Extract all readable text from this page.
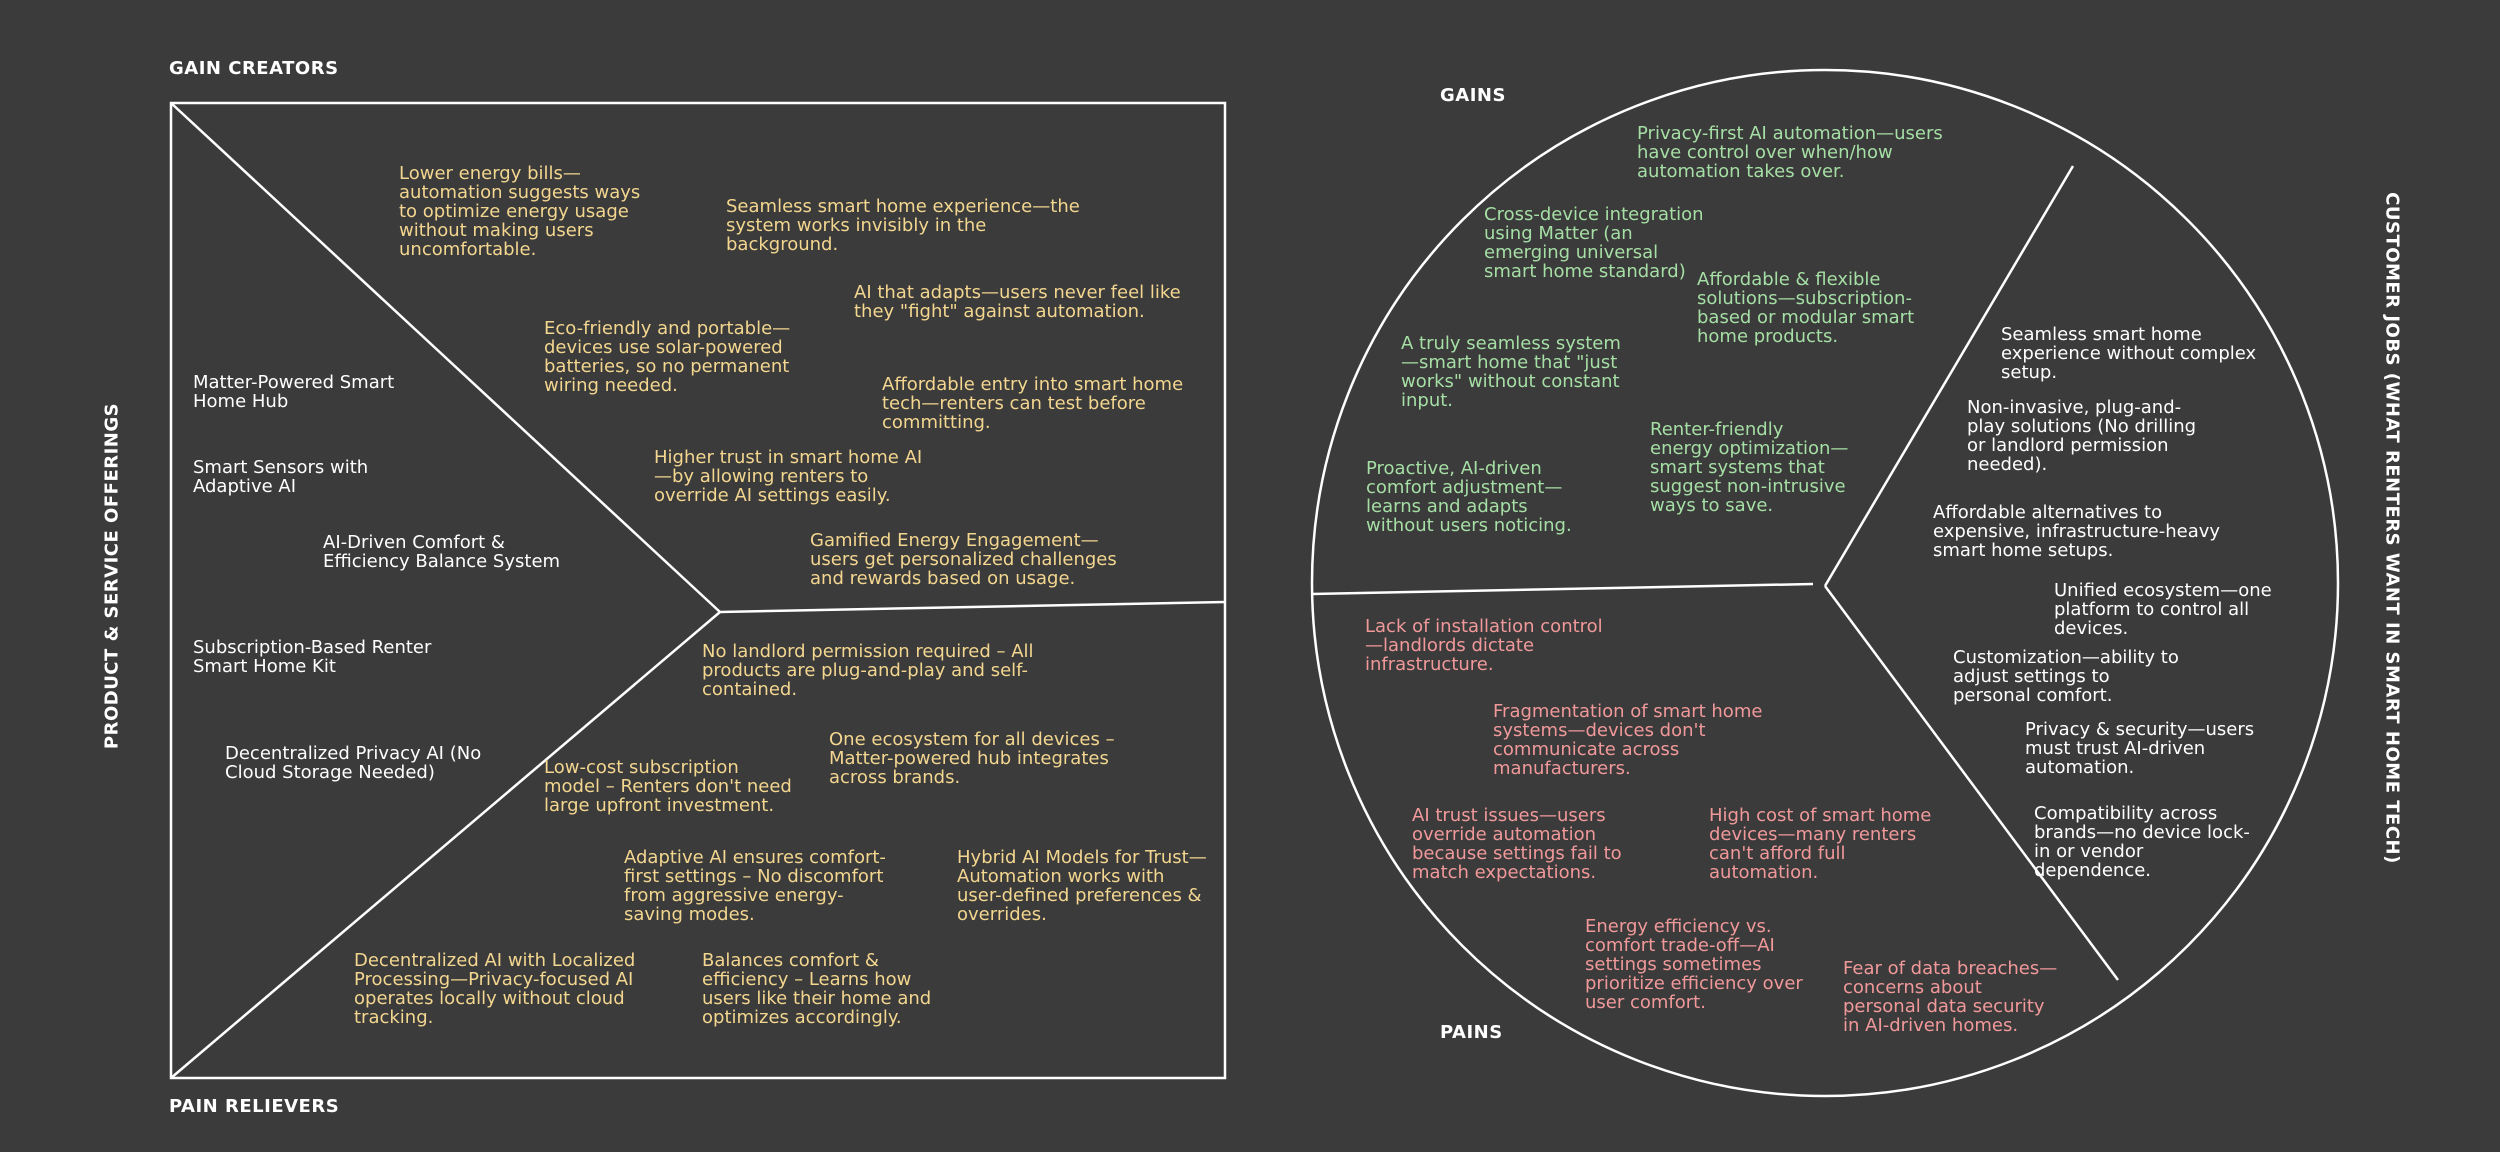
GAIN CREATORS
PAIN RELIEVERS
PRODUCT & SERVICE OFFERINGS
GAINS
PAINS
CUSTOMER JOBS (WHAT RENTERS WANT IN SMART HOME TECH)

Matter-Powered Smart
Home Hub

Smart Sensors with
Adaptive AI

AI-Driven Comfort &
Efficiency Balance System

Subscription-Based Renter
Smart Home Kit

Decentralized Privacy AI (No
Cloud Storage Needed)

Lower energy bills—
automation suggests ways
to optimize energy usage
without making users
uncomfortable.

Seamless smart home experience—the
system works invisibly in the
background.

AI that adapts—users never feel like
they "fight" against automation.

Eco-friendly and portable—
devices use solar-powered
batteries, so no permanent
wiring needed.	Affordable entry into smart home
tech—renters can test before
committing.

Higher trust in smart home AI
—by allowing renters to
override AI settings easily.

Gamified Energy Engagement—
users get personalized challenges
and rewards based on usage.

No landlord permission required – All
products are plug-and-play and self-
contained.

One ecosystem for all devices –
Matter-powered hub integrates
across brands.

Low-cost subscription
model – Renters don't need
large upfront investment.

Adaptive AI ensures comfort-
first settings – No discomfort
from aggressive energy-
saving modes.

Hybrid AI Models for Trust—
Automation works with
user-defined preferences &
overrides.

Decentralized AI with Localized
Processing—Privacy-focused AI
operates locally without cloud
tracking.

Balances comfort &
efficiency – Learns how
users like their home and
optimizes accordingly.

Privacy-first AI automation—users
have control over when/how
automation takes over.

Cross-device integration
using Matter (an
emerging universal
smart home standard) Affordable & flexible
solutions—subscription-
based or modular smart
home products.

A truly seamless system
—smart home that "just
works" without constant
input.

Renter-friendly
energy optimization—
smart systems that
suggest non-intrusive
ways to save.

Proactive, AI-driven
comfort adjustment—
learns and adapts
without users noticing.

Lack of installation control
—landlords dictate
infrastructure.

Fragmentation of smart home
systems—devices don't
communicate across
manufacturers.

AI trust issues—users
override automation
because settings fail to
match expectations.

High cost of smart home
devices—many renters
can't afford full
automation.

Energy efficiency vs.
comfort trade-off—AI
settings sometimes
prioritize efficiency over
user comfort.

Fear of data breaches—
concerns about
personal data security
in AI-driven homes.

Seamless smart home
experience without complex
setup.

Non-invasive, plug-and-
play solutions (No drilling
or landlord permission
needed).

Affordable alternatives to
expensive, infrastructure-heavy
smart home setups.

Unified ecosystem—one
platform to control all
devices.

Customization—ability to
adjust settings to
personal comfort.

Privacy & security—users
must trust AI-driven
automation.

Compatibility across
brands—no device lock-
in or vendor
dependence.
